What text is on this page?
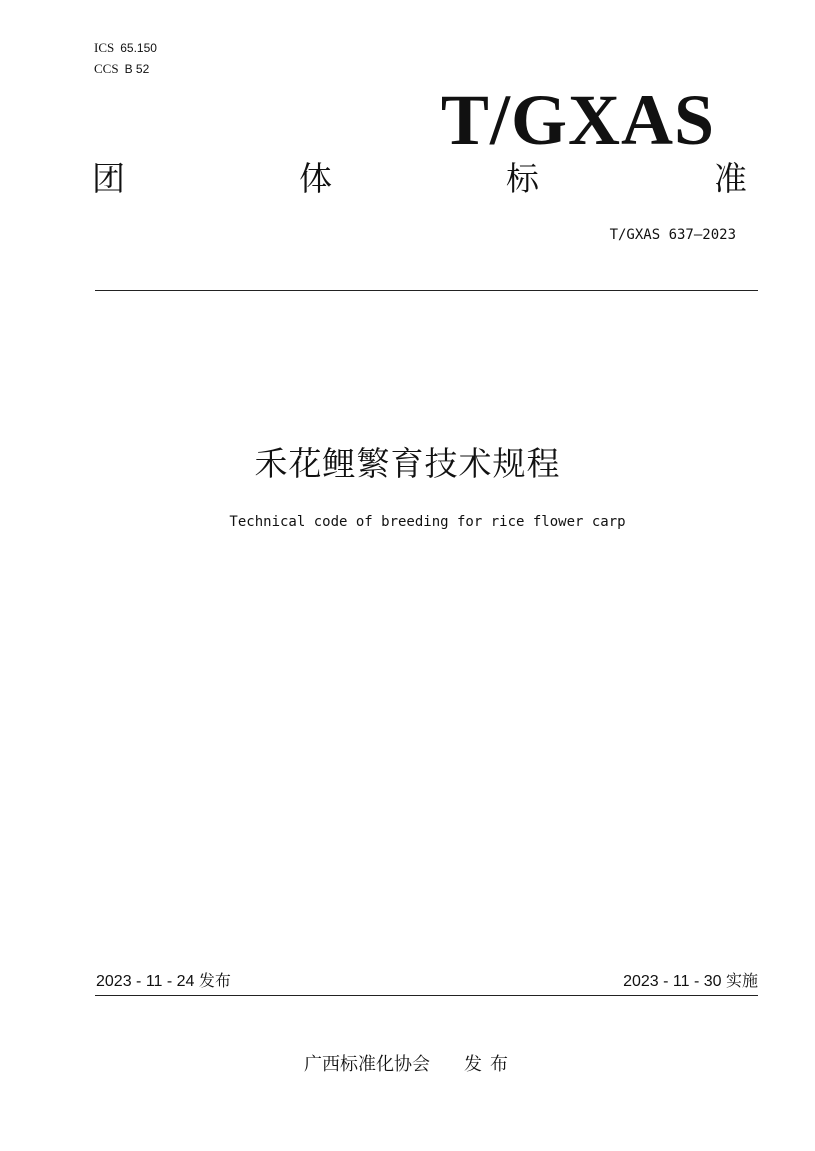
ICS 65.150
CCS B 52
T/GXAS
团	体	标	准
T/GXAS 637—2023
禾花鲤繁育技术规程
Technical code of breeding for rice flower carp
2023 - 11 - 24 发布	2023 - 11 - 30 实施
广西标准化协会 发布
